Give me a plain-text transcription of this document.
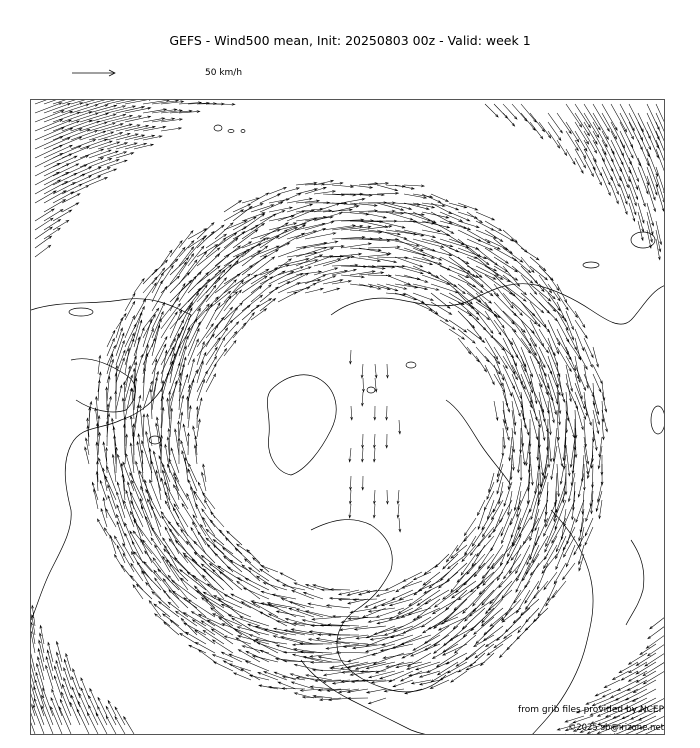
GEFS - Wind500 mean, Init: 20250803 00z - Valid: week 1
50 km/h
from grib files provided by NCEP
©2025 sb@irizone.net
